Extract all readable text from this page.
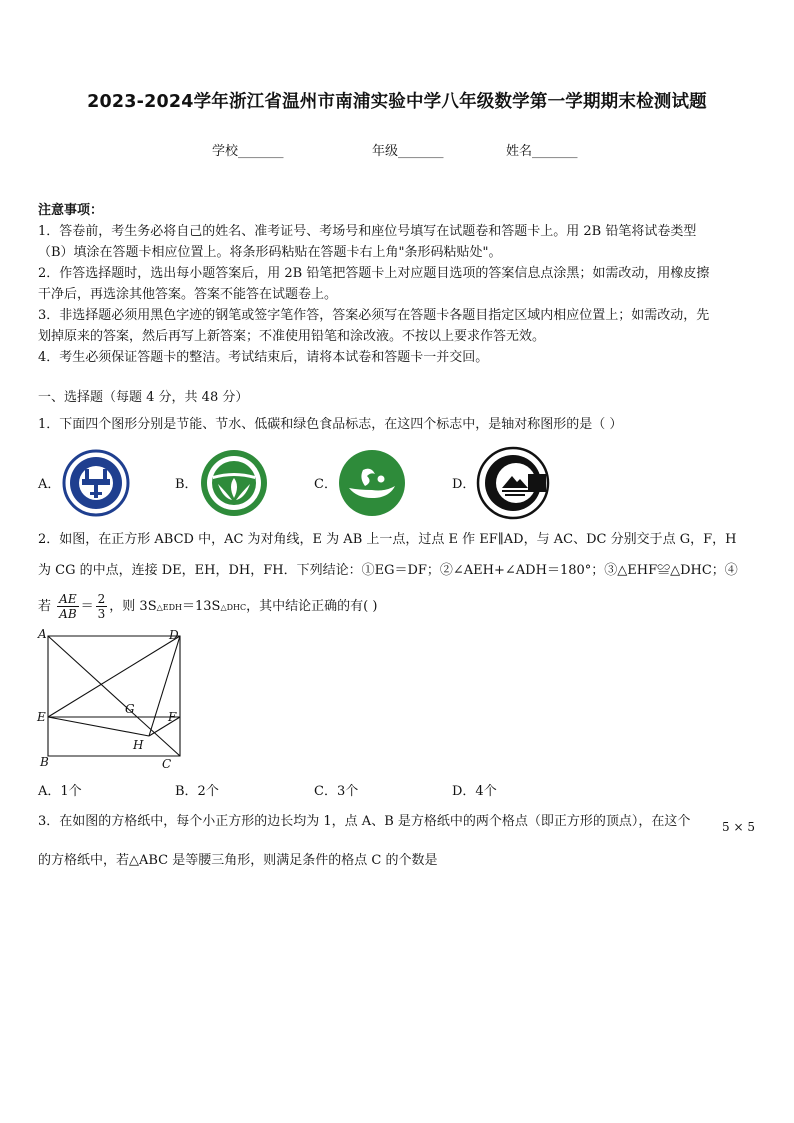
2023-2024学年浙江省温州市南浦实验中学八年级数学第一学期期末检测试题
学校_______	年级_______	姓名_______
注意事项：
1．答卷前，考生务必将自己的姓名、准考证号、考场号和座位号填写在试题卷和答题卡上。用 2B 铅笔将试卷类型
（B）填涂在答题卡相应位置上。将条形码粘贴在答题卡右上角"条形码粘贴处"。
2．作答选择题时，选出每小题答案后，用 2B 铅笔把答题卡上对应题目选项的答案信息点涂黑；如需改动，用橡皮擦
干净后，再选涂其他答案。答案不能答在试题卷上。
3．非选择题必须用黑色字迹的钢笔或签字笔作答，答案必须写在答题卡各题目指定区域内相应位置上；如需改动，先
划掉原来的答案，然后再写上新答案；不准使用铅笔和涂改液。不按以上要求作答无效。
4．考生必须保证答题卡的整洁。考试结束后，请将本试卷和答题卡一并交回。
一、选择题（每题 4 分，共 48 分）
1．下面四个图形分别是节能、节水、低碳和绿色食品标志，在这四个标志中，是轴对称图形的是（ ）
A．	B．	C．	D．
2．如图，在正方形 ABCD 中，AC 为对角线，E 为 AB 上一点，过点 E 作 EF∥AD，与 AC、DC 分别交于点 G，F，H
为 CG 的中点，连接 DE，EH，DH，FH．下列结论：①EG＝DF；②∠AEH+∠ADH＝180°；③△EHF≌△DHC；④
若 $\frac{AE}{AB} = \frac{2}{3}$ ，则 3S△EDH＝13S△DHC，其中结论正确的有( )
A	D
E
G
F
H
B	C
A．1个	B．2个	C．3个	D．4个
3．在如图的方格纸中，每个小正方形的边长均为 1，点 A、B 是方格纸中的两个格点（即正方形的顶点），在这个	5 × 5
的方格纸中，若△ABC 是等腰三角形，则满足条件的格点 C 的个数是
